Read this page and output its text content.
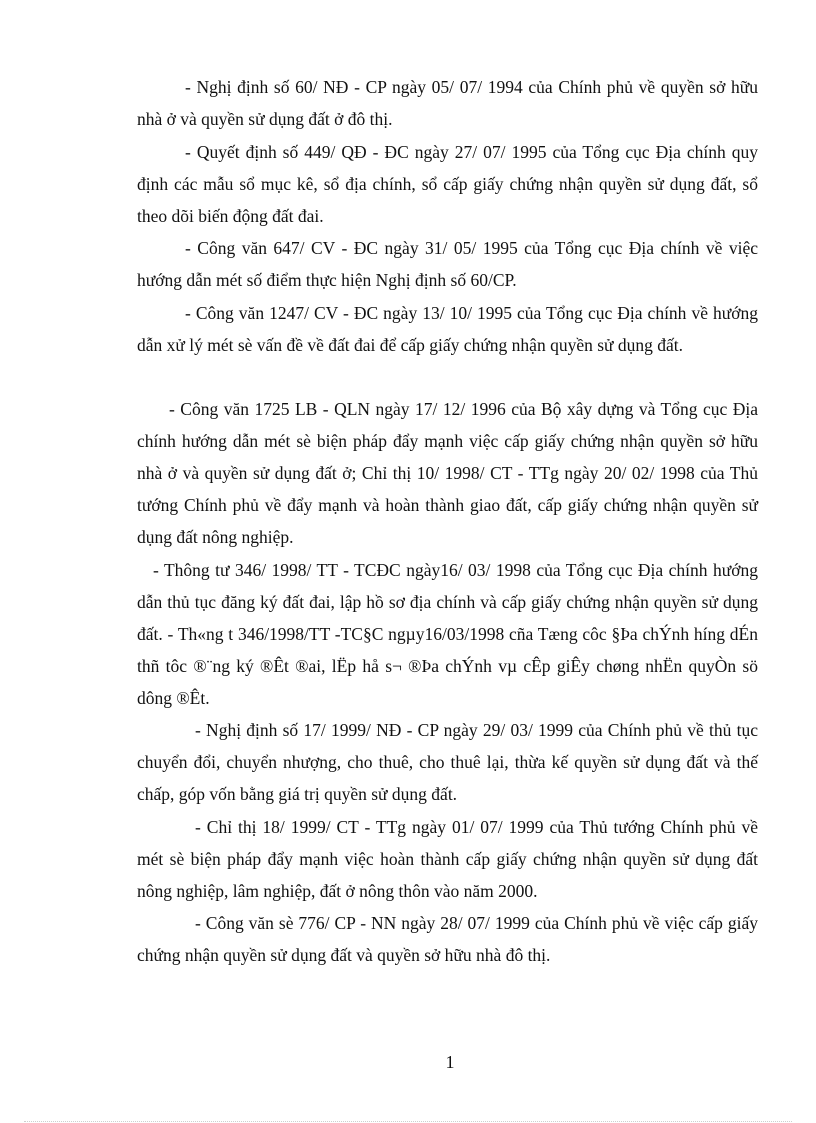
- Nghị định số 60/ NĐ - CP ngày 05/ 07/ 1994 của Chính phủ về quyền sở hữu nhà ở và quyền sử dụng đất ở đô thị.

- Quyết định số 449/ QĐ - ĐC ngày 27/ 07/ 1995 của Tổng cục Địa chính quy định các mẫu sổ mục kê, sổ địa chính, sổ cấp giấy chứng nhận quyền sử dụng đất, sổ theo dõi biến động đất đai.

- Công văn 647/ CV - ĐC ngày 31/ 05/ 1995 của Tổng cục Địa chính về việc hướng dẫn mét số điểm thực hiện Nghị định số 60/CP.

- Công văn 1247/ CV - ĐC ngày 13/ 10/ 1995 của Tổng cục Địa chính về hướng dẫn xử lý mét sè vấn đề về đất đai để cấp giấy chứng nhận quyền sử dụng đất.

- Công văn 1725 LB - QLN ngày 17/ 12/ 1996 của Bộ xây dựng và Tổng cục Địa chính hướng dẫn mét sè biện pháp đẩy mạnh việc cấp giấy chứng nhận quyền sở hữu nhà ở và quyền sử dụng đất ở; Chỉ thị 10/ 1998/ CT - TTg ngày 20/ 02/ 1998 của Thủ tướng Chính phủ về đẩy mạnh và hoàn thành giao đất, cấp giấy chứng nhận quyền sử dụng đất nông nghiệp.

- Thông tư 346/ 1998/ TT - TCĐC ngày16/ 03/ 1998 của Tổng cục Địa chính hướng dẫn thủ tục đăng ký đất đai, lập hồ sơ địa chính và cấp giấy chứng nhận quyền sử dụng đất. - Th«ng t 346/1998/TT -TC§C ngµy16/03/1998 cña Tæng côc §Þa chÝnh híng dÉn thñ tôc ®¨ng ký ®Êt ®ai, lËp hå s¬ ®Þa chÝnh vµ cÊp giÊy chøng nhËn quyÒn sö dông ®Êt.

- Nghị định số 17/ 1999/ NĐ - CP ngày 29/ 03/ 1999 của Chính phủ về thủ tục chuyển đổi, chuyển nhượng, cho thuê, cho thuê lại, thừa kế quyền sử dụng đất và thế chấp, góp vốn bằng giá trị quyền sử dụng đất.

- Chỉ thị 18/ 1999/ CT - TTg ngày 01/ 07/ 1999 của Thủ tướng Chính phủ về mét sè biện pháp đẩy mạnh việc hoàn thành cấp giấy chứng nhận quyền sử dụng đất nông nghiệp, lâm nghiệp, đất ở nông thôn vào năm 2000.

- Công văn sè 776/ CP - NN ngày 28/ 07/ 1999 của Chính phủ về việc cấp giấy chứng nhận quyền sử dụng đất và quyền sở hữu nhà đô thị.

1
